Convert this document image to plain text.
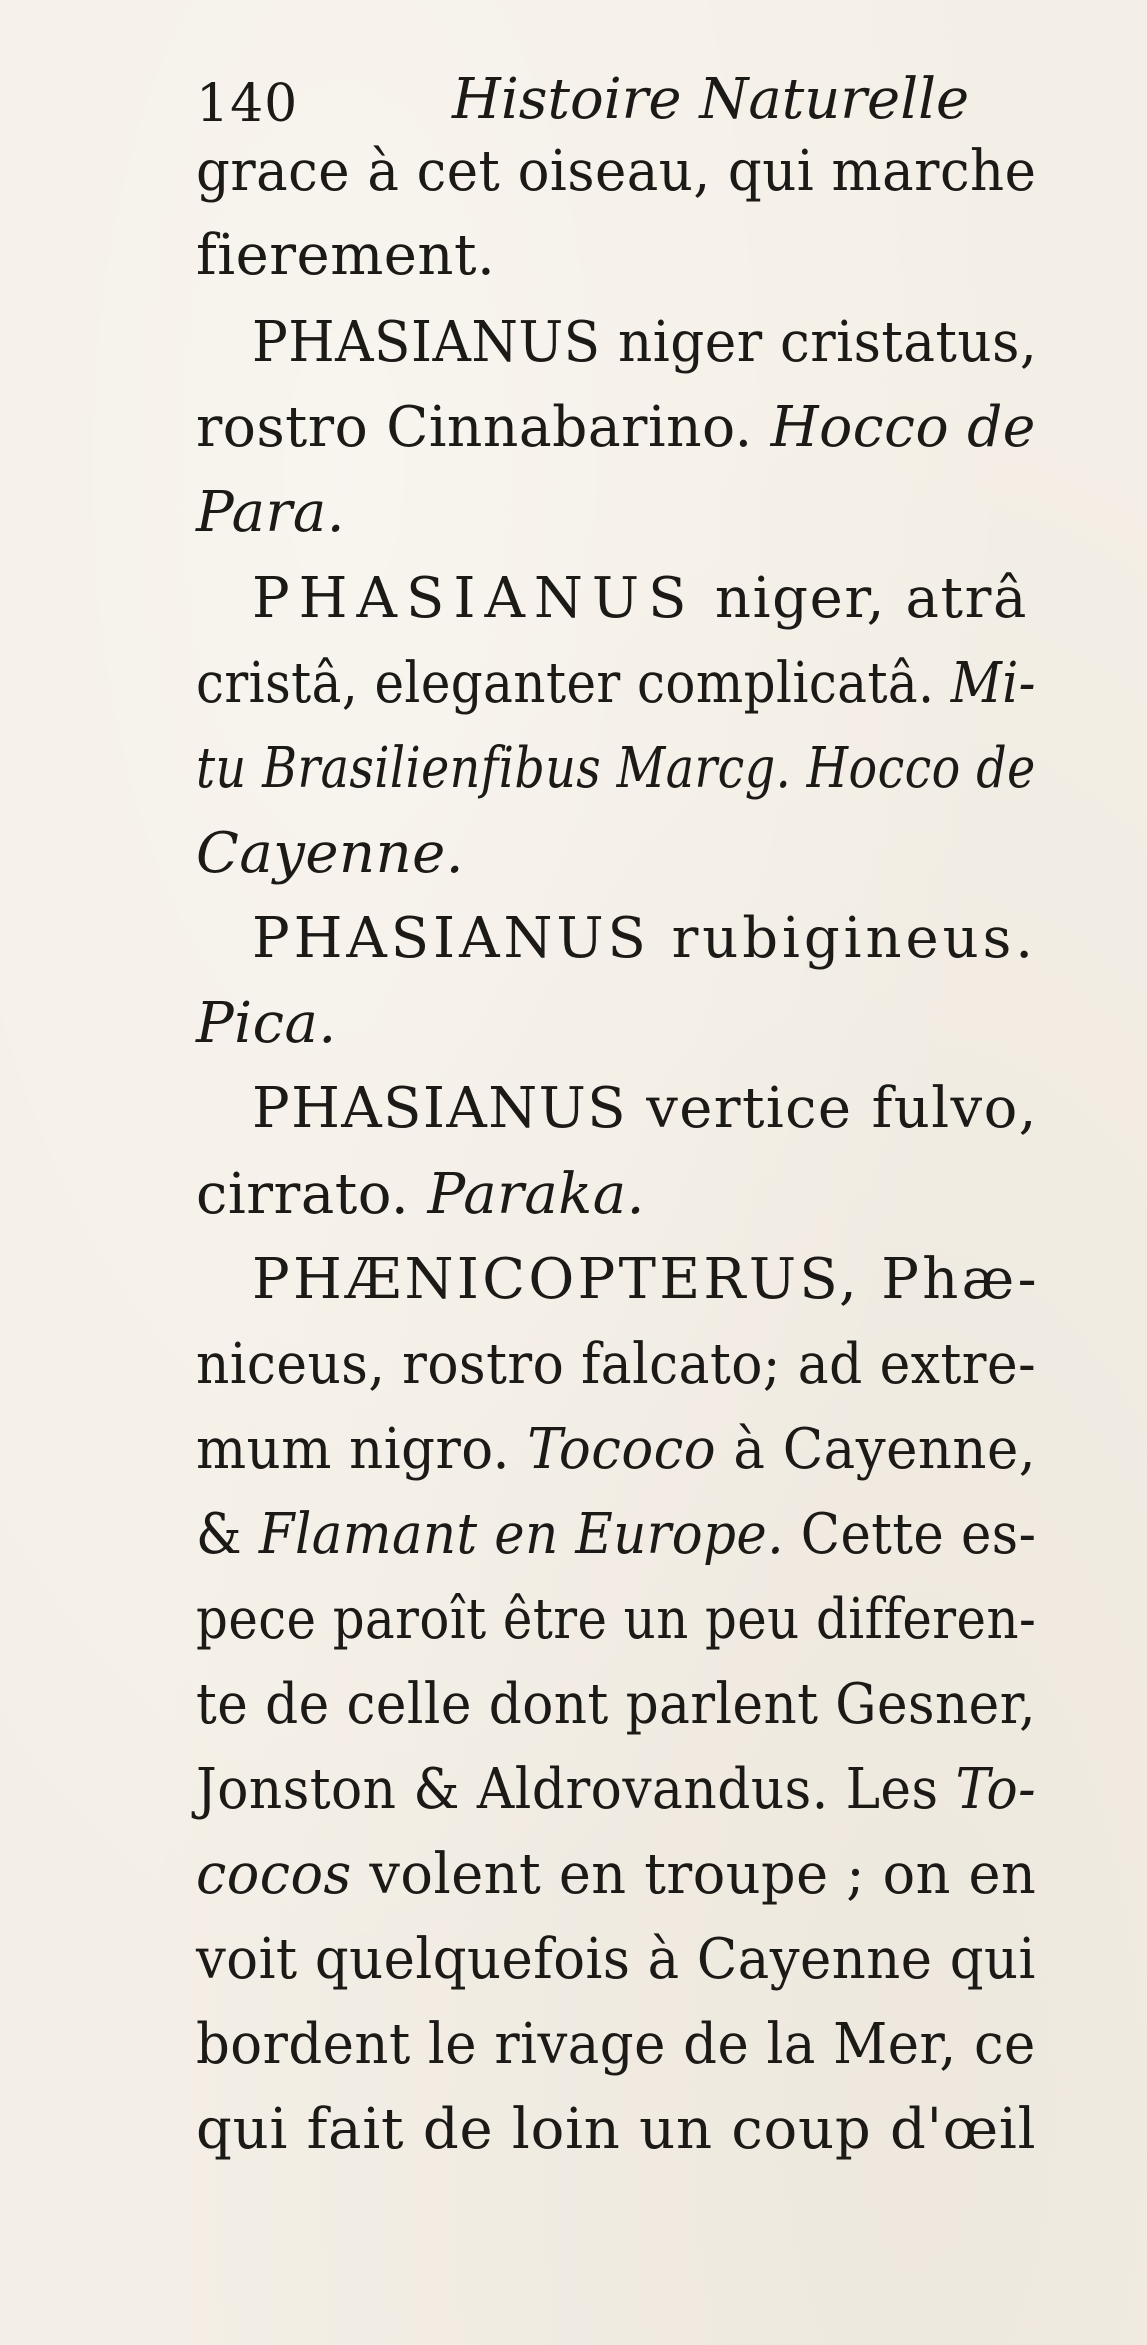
140	Histoire Naturelle
grace à cet oiseau, qui marche
fierement.
PHASIANUS niger cristatus,
rostro Cinnabarino. Hocco de
Para.
PHASIANUS niger, atrâ
cristâ, eleganter complicatâ. Mi-
tu Brasilienfibus Marcg. Hocco de
Cayenne.
PHASIANUS rubigineus.
Pica.
PHASIANUS vertice fulvo,
cirrato. Paraka.
PHÆNICOPTERUS, Phæ-
niceus, rostro falcato; ad extre-
mum nigro. Tococo à Cayenne,
& Flamant en Europe. Cette es-
pece paroît être un peu differen-
te de celle dont parlent Gesner,
Jonston & Aldrovandus. Les To-
cocos volent en troupe ; on en
voit quelquefois à Cayenne qui
bordent le rivage de la Mer, ce
qui fait de loin un coup d'œil
